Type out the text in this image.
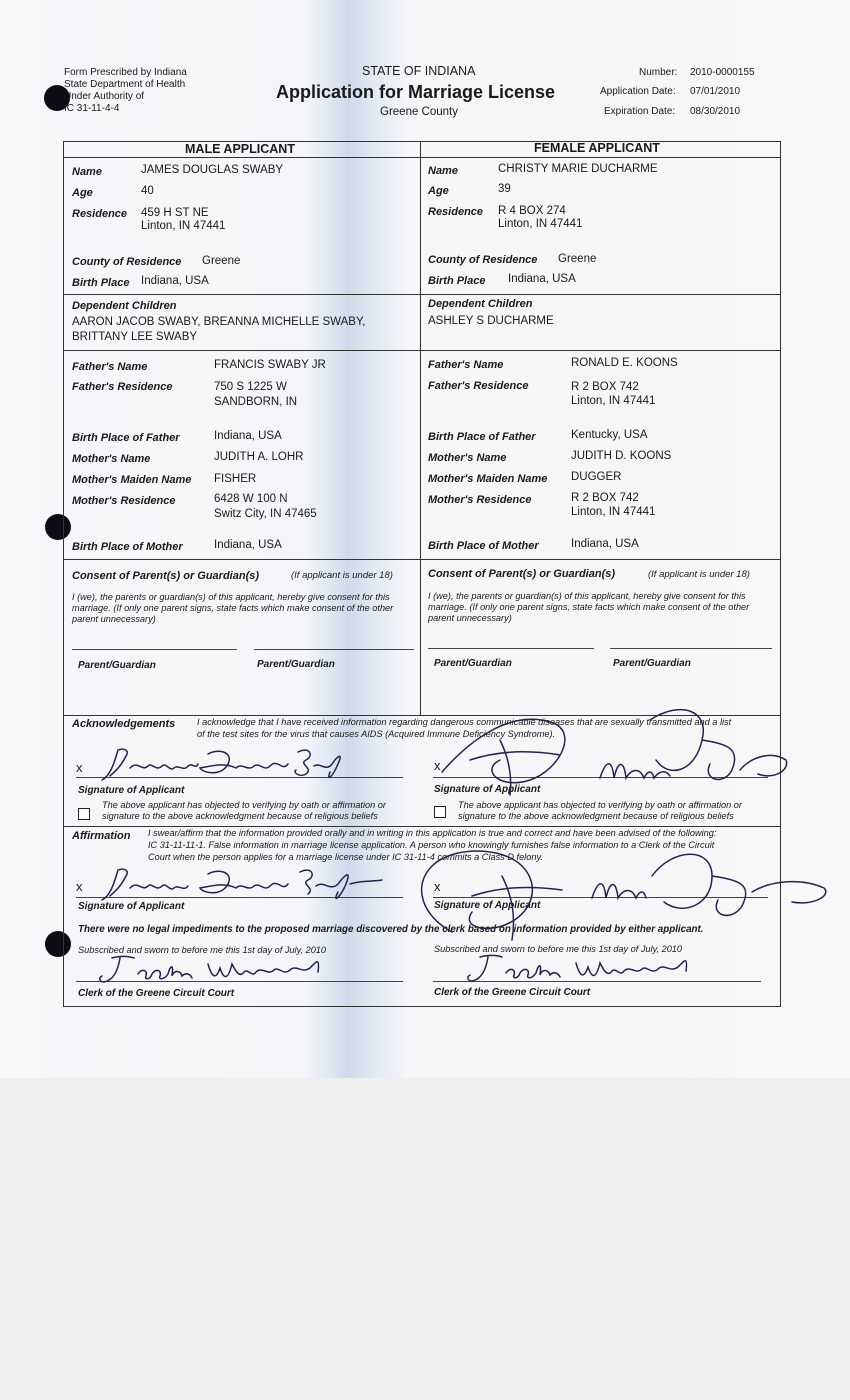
Form Prescribed by Indiana
State Department of Health
Under Authority of
IC 31-11-4-4
STATE OF INDIANA
Application for Marriage License
Greene County
Number: 2010-0000155
Application Date: 07/01/2010
Expiration Date: 08/30/2010
MALE APPLICANT	FEMALE APPLICANT
Name	JAMES DOUGLAS SWABY
Age	40
Residence 459 H ST NE
Linton, IN 47441
County of Residence Greene
Birth Place Indiana, USA
Dependent Children
AARON JACOB SWABY, BREANNA MICHELLE SWABY,
BRITTANY LEE SWABY
Father's Name	FRANCIS SWABY JR
Father's Residence	750 S 1225 W
SANDBORN, IN
Birth Place of Father	Indiana, USA
Mother's Name	JUDITH A. LOHR
Mother's Maiden Name FISHER
Mother's Residence	6428 W 100 N
Switz City, IN 47465
Birth Place of Mother	Indiana, USA
Name	CHRISTY MARIE DUCHARME
Age	39
Residence R 4 BOX 274
Linton, IN 47441
County of Residence Greene
Birth Place Indiana, USA
Dependent Children
ASHLEY S DUCHARME
Father's Name	RONALD E. KOONS
Father's Residence	R 2 BOX 742
Linton, IN 47441
Birth Place of Father	Kentucky, USA
Mother's Name	JUDITH D. KOONS
Mother's Maiden Name DUGGER
Mother's Residence	R 2 BOX 742
Linton, IN 47441
Birth Place of Mother	Indiana, USA
Consent of Parent(s) or Guardian(s)	(If applicant is under 18)
I (we), the parents or guardian(s) of this applicant, hereby give consent for this marriage. (If only one parent signs, state facts which make consent of the other parent unnecessary)
Parent/Guardian	Parent/Guardian
Consent of Parent(s) or Guardian(s)	(If applicant is under 18)
I (we), the parents or guardian(s) of this applicant, hereby give consent for this marriage. (If only one parent signs, state facts which make consent of the other parent unnecessary)
Parent/Guardian	Parent/Guardian
Acknowledgements I acknowledge that I have received information regarding dangerous communicable diseases that are sexually transmitted and a list
of the test sites for the virus that causes AIDS (Acquired Immune Deficiency Syndrome).
x
Signature of Applicant
The above applicant has objected to verifying by oath or affirmation or
signature to the above acknowledgment because of religious beliefs
x
Signature of Applicant
The above applicant has objected to verifying by oath or affirmation or
signature to the above acknowledgment because of religious beliefs
Affirmation I swear/affirm that the information provided orally and in writing in this application is true and correct and have been advised of the following:
IC 31-11-11-1. False information in marriage license application. A person who knowingly furnishes false information to a Clerk of the Circuit
Court when the person applies for a marriage license under IC 31-11-4 commits a Class D felony.
x
Signature of Applicant
x
Signature of Applicant
There were no legal impediments to the proposed marriage discovered by the clerk based on information provided by either applicant.
Subscribed and sworn to before me this 1st day of July, 2010
Clerk of the Greene Circuit Court
Subscribed and sworn to before me this 1st day of July, 2010
Clerk of the Greene Circuit Court
